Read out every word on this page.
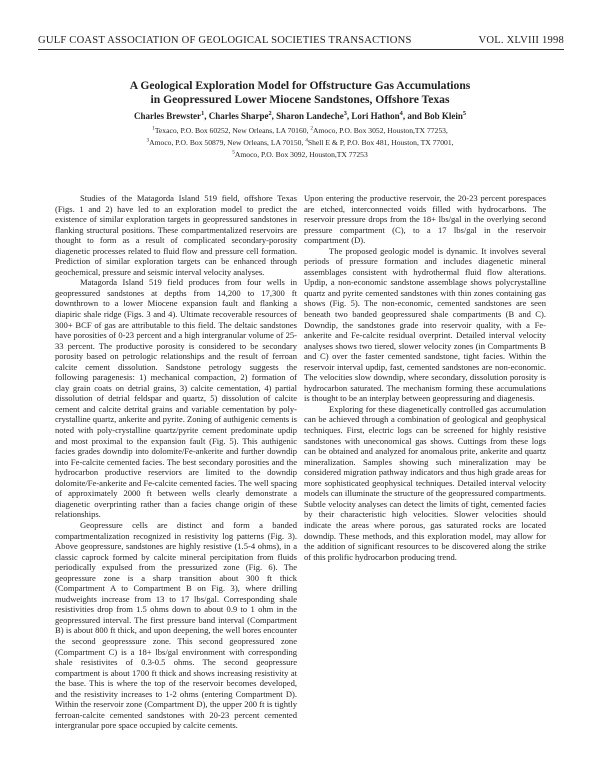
GULF COAST ASSOCIATION OF GEOLOGICAL SOCIETIES TRANSACTIONS	VOL. XLVIII 1998
A Geological Exploration Model for Offstructure Gas Accumulations
in Geopressured Lower Miocene Sandstones, Offshore Texas
Charles Brewster$^1$, Charles Sharpe$^2$, Sharon Landeche$^3$, Lori Hathon$^4$, and Bob Klein$^5$
$^1$Texaco, P.O. Box 60252, New Orleans, LA 70160, $^2$Amoco, P.O. Box 3052, Houston,TX 77253,
$^3$Amoco, P.O. Box 50879, New Orleans, LA 70150, $^4$Shell E & P, P.O. Box 481, Houston, TX 77001,
$^5$Amoco, P.O. Box 3092, Houston,TX 77253

Studies of the Matagorda Island 519 field, offshore Texas (Figs. 1 and 2) have led to an exploration model to predict the existence of similar exploration targets in geopressured sandstones in flanking structural positions. These compartmentalized reservoirs are thought to form as a result of complicated secondary-porosity diagenetic processes related to fluid flow and pressure cell formation. Prediction of similar exploration targets can be enhanced through geochemical, pressure and seismic interval velocity analyses.

Matagorda Island 519 field produces from four wells in geopressured sandstones at depths from 14,200 to 17,300 ft downthrown to a lower Miocene expansion fault and flanking a diapiric shale ridge (Figs. 3 and 4). Ultimate recoverable resources of 300+ BCF of gas are attributable to this field. The deltaic sandstones have porosities of 0-23 percent and a high intergranular volume of 25-33 percent. The productive porosity is considered to be secondary porosity based on petrologic relationships and the result of ferroan calcite cement dissolution. Sandstone petrology suggests the following paragenesis: 1) mechanical compaction, 2) formation of clay grain coats on detrial grains, 3) calcite cementation, 4) partial dissolution of detrial feldspar and quartz, 5) dissolution of calcite cement and calcite detrital grains and variable cementation by poly-crystalline quartz, ankerite and pyrite. Zoning of authigenic cements is noted with poly-crystalline quartz/pyrite cement predominate updip and most proximal to the expansion fault (Fig. 5). This authigenic facies grades downdip into dolomite/Fe-ankerite and further downdip into Fe-calcite cemented facies. The best secondary porosities and the hydrocarbon productive reserviors are limited to the downdip dolomite/Fe-ankerite and Fe-calcite cemented facies. The well spacing of approximately 2000 ft between wells clearly demonstrate a diagenetic overprinting rather than a facies change origin of these relationships.

Geopressure cells are distinct and form a banded compartmentalization recognized in resistivity log patterns (Fig. 3). Above geopressure, sandstones are highly resistive (1.5-4 ohms), in a classic caprock formed by calcite mineral percipitation from fluids periodically expulsed from the pressurized zone (Fig. 6). The geopressure zone is a sharp transition about 300 ft thick (Compartment A to Compartment B on Fig. 3), where drilling mudweights increase from 13 to 17 lbs/gal. Corresponding shale resistivities drop from 1.5 ohms down to about 0.9 to 1 ohm in the geopressured interval. The first pressure band interval (Compartment B) is about 800 ft thick, and upon deepening, the well bores encounter the second geopresssure zone. This second geopressured zone (Compartment C) is a 18+ lbs/gal environment with corresponding shale resistivites of 0.3-0.5 ohms. The second geopressure compartment is about 1700 ft thick and shows increasing resistivity at the base. This is where the top of the reservoir becomes developed, and the resistivity increases to 1-2 ohms (entering Compartment D). Within the reservoir zone (Compartment D), the upper 200 ft is tightly ferroan-calcite cemented sandstones with 20-23 percent cemented intergranular pore space occupied by calcite cements.

Upon entering the productive reservoir, the 20-23 percent porespaces are etched, interconnected voids filled with hydrocarbons. The reservoir pressure drops from the 18+ lbs/gal in the overlying second pressure compartment (C), to a 17 lbs/gal in the reservoir compartment (D).

The proposed geologic model is dynamic. It involves several periods of pressure formation and includes diagenetic mineral assemblages consistent with hydrothermal fluid flow alterations. Updip, a non-economic sandstone assemblage shows polycrystalline quartz and pyrite cemented sandstones with thin zones containing gas shows (Fig. 5). The non-economic, cemented sandstones are seen beneath two banded geopressured shale compartments (B and C). Downdip, the sandstones grade into reservoir quality, with a Fe-ankerite and Fe-calcite residual overprint. Detailed interval velocity analyses shows two tiered, slower velocity zones (in Compartments B and C) over the faster cemented sandstone, tight facies. Within the reservoir interval updip, fast, cemented sandstones are non-economic. The velocities slow downdip, where secondary, dissolution porosity is hydrocarbon saturated. The mechanism forming these accumulations is thought to be an interplay between geopressuring and diagenesis.

Exploring for these diagenetically controlled gas accumulation can be achieved through a combination of geological and geophysical techniques. First, electric logs can be screened for highly resistive sandstones with uneconomical gas shows. Cuttings from these logs can be obtained and analyzed for anomalous prite, ankerite and quartz mineralization. Samples showing such mineralization may be considered migration pathway indicators and thus high grade areas for more sophisticated geophysical techniques. Detailed interval velocity models can illuminate the structure of the geopressured compartments. Subtle velocity analyses can detect the limits of tight, cemented facies by their characteristic high velocities. Slower velocities should indicate the areas where porous, gas saturated rocks are located downdip. These methods, and this exploration model, may allow for the addition of significant resources to be discovered along the strike of this prolific hydrocarbon producing trend.
